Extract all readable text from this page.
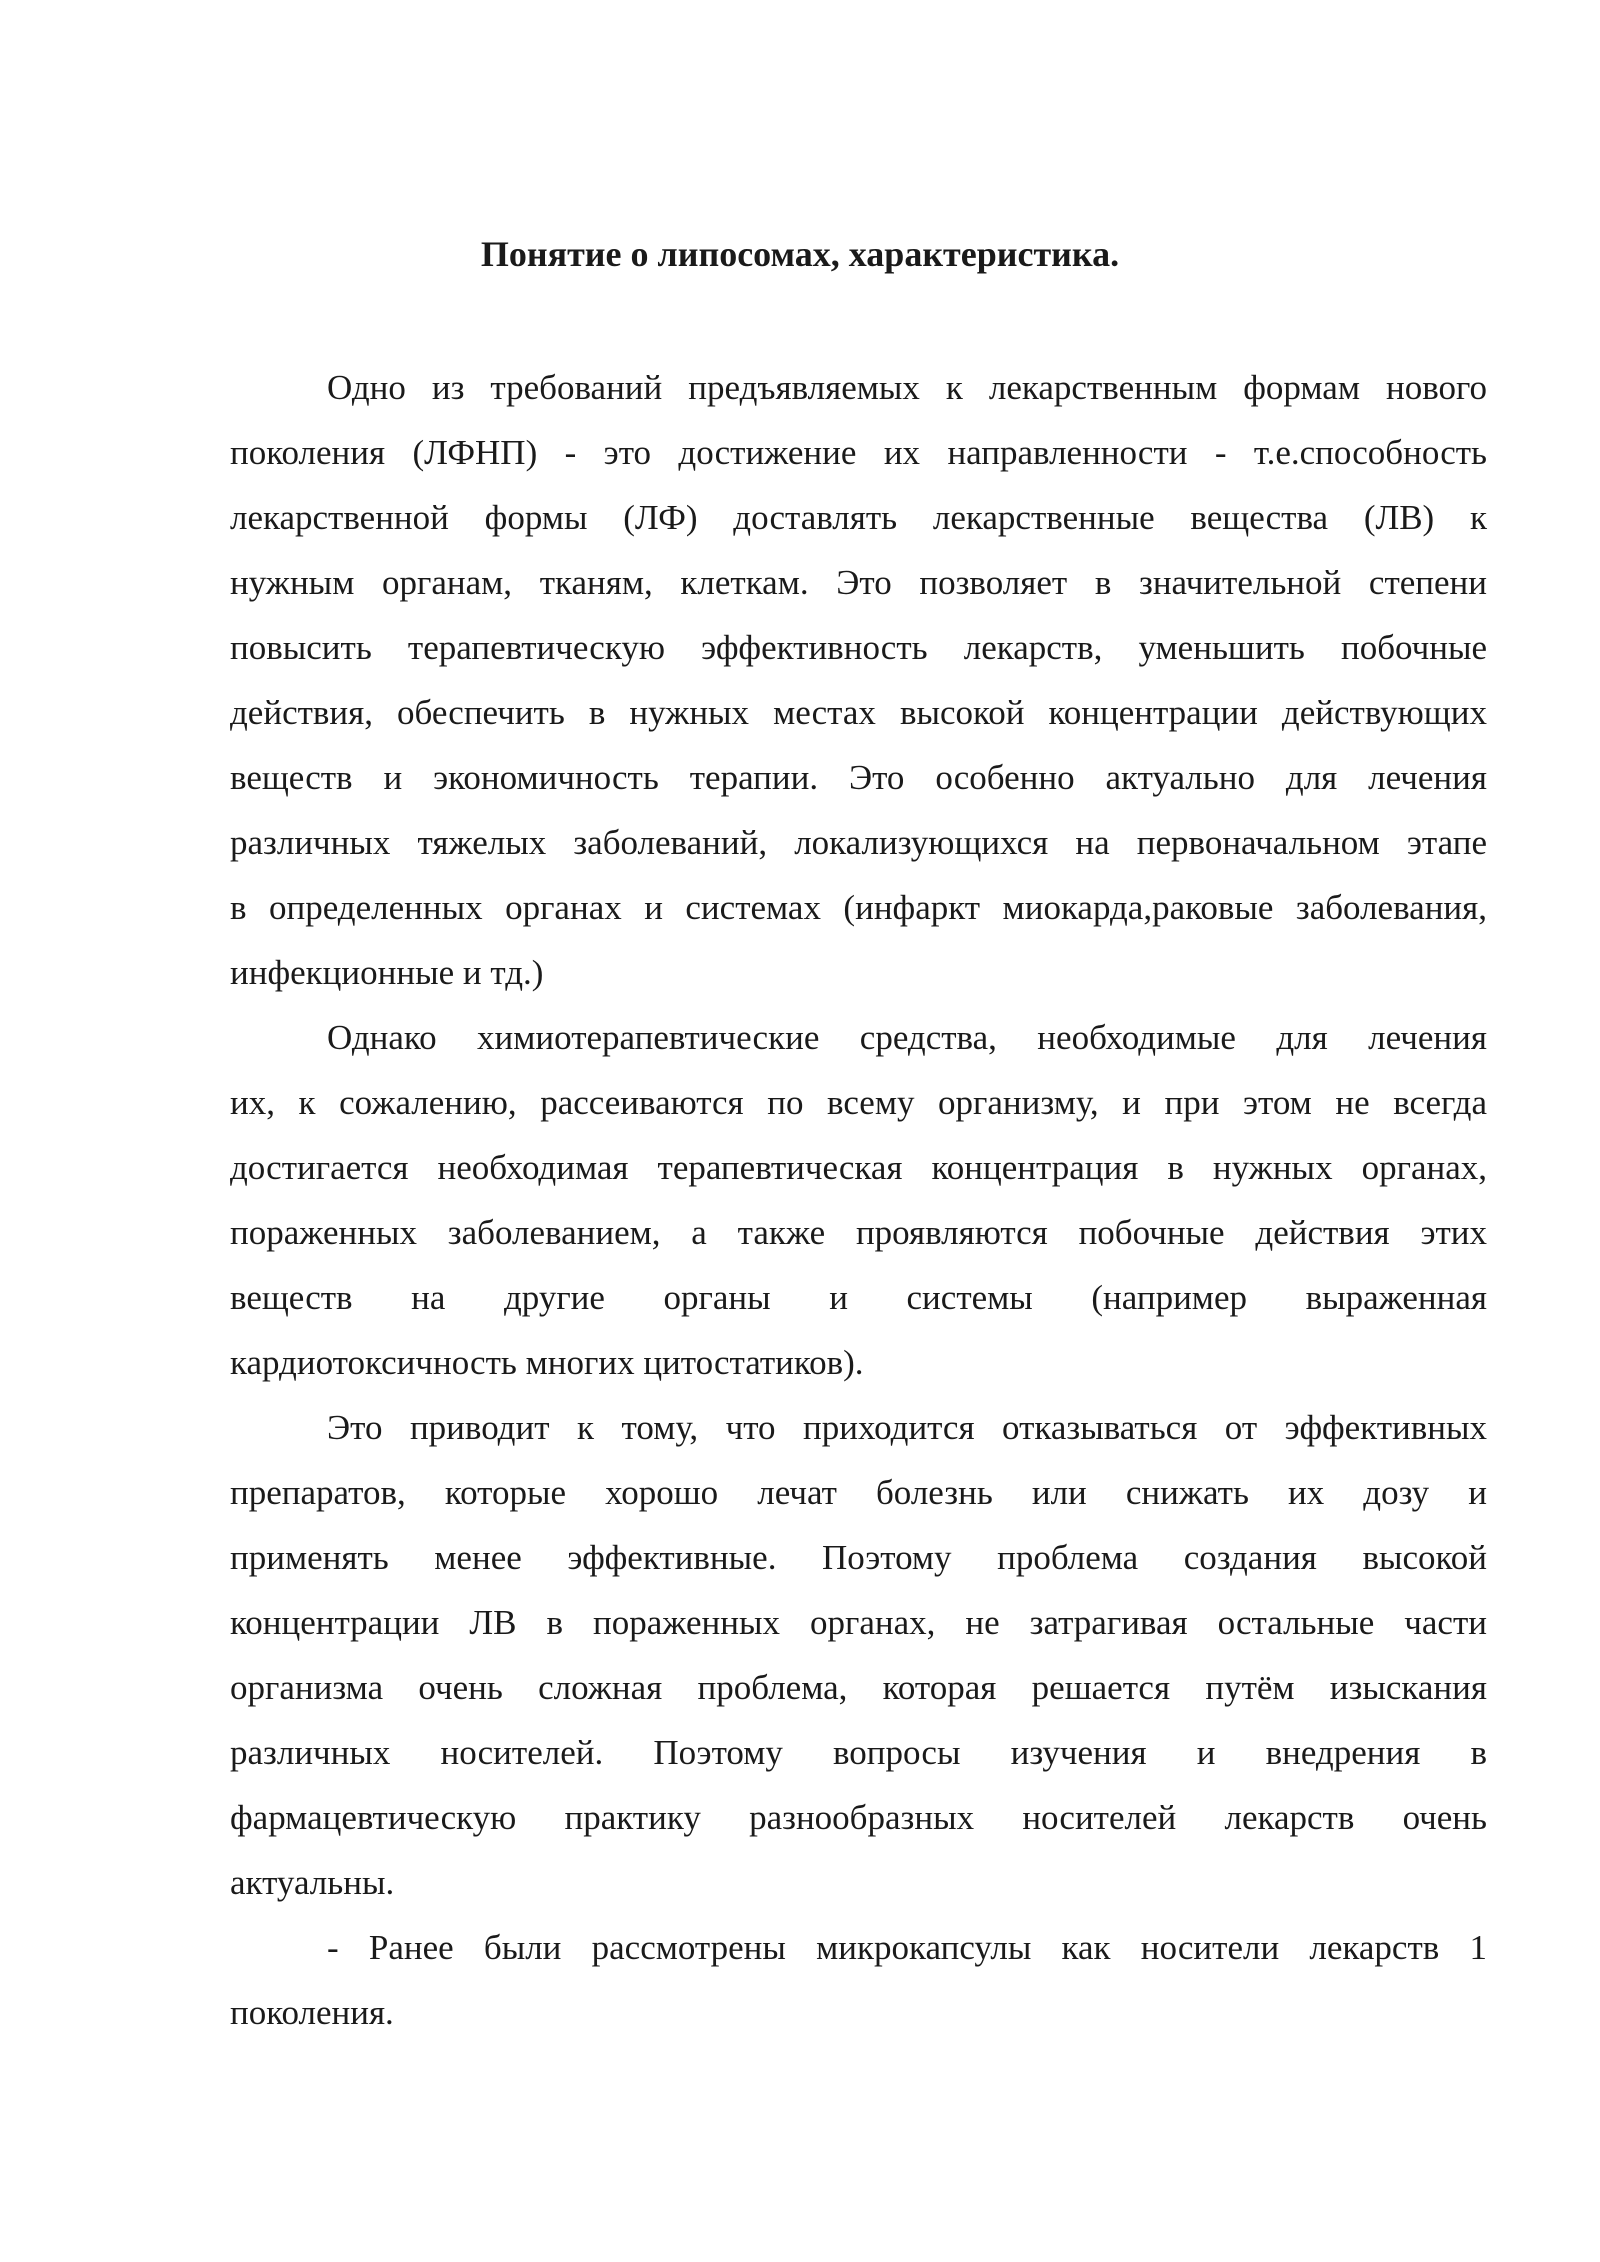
Понятие о липосомах, характеристика.
Одно из требований предъявляемых к лекарственным формам нового
поколения (ЛФНП) - это достижение их направленности - т.е.способность
лекарственной формы (ЛФ) доставлять лекарственные вещества (ЛВ) к
нужным органам, тканям, клеткам. Это позволяет в значительной степени
повысить терапевтическую эффективность лекарств, уменьшить побочные
действия, обеспечить в нужных местах высокой концентрации действующих
веществ и экономичность терапии. Это особенно актуально для лечения
различных тяжелых заболеваний, локализующихся на первоначальном этапе
в определенных органах и системах (инфаркт миокарда,раковые заболевания,
инфекционные и тд.)
Однако химиотерапевтические средства, необходимые для лечения
их, к сожалению, рассеиваются по всему организму, и при этом не всегда
достигается необходимая терапевтическая концентрация в нужных органах,
пораженных заболеванием, а также проявляются побочные действия этих
веществ на другие органы и системы (например выраженная
кардиотоксичность многих цитостатиков).
Это приводит к тому, что приходится отказываться от эффективных
препаратов, которые хорошо лечат болезнь или снижать их дозу и
применять менее эффективные. Поэтому проблема создания высокой
концентрации ЛВ в пораженных органах, не затрагивая остальные части
организма очень сложная проблема, которая решается путём изыскания
различных носителей. Поэтому вопросы изучения и внедрения в
фармацевтическую практику разнообразных носителей лекарств очень
актуальны.
- Ранее были рассмотрены микрокапсулы как носители лекарств 1
поколения.
